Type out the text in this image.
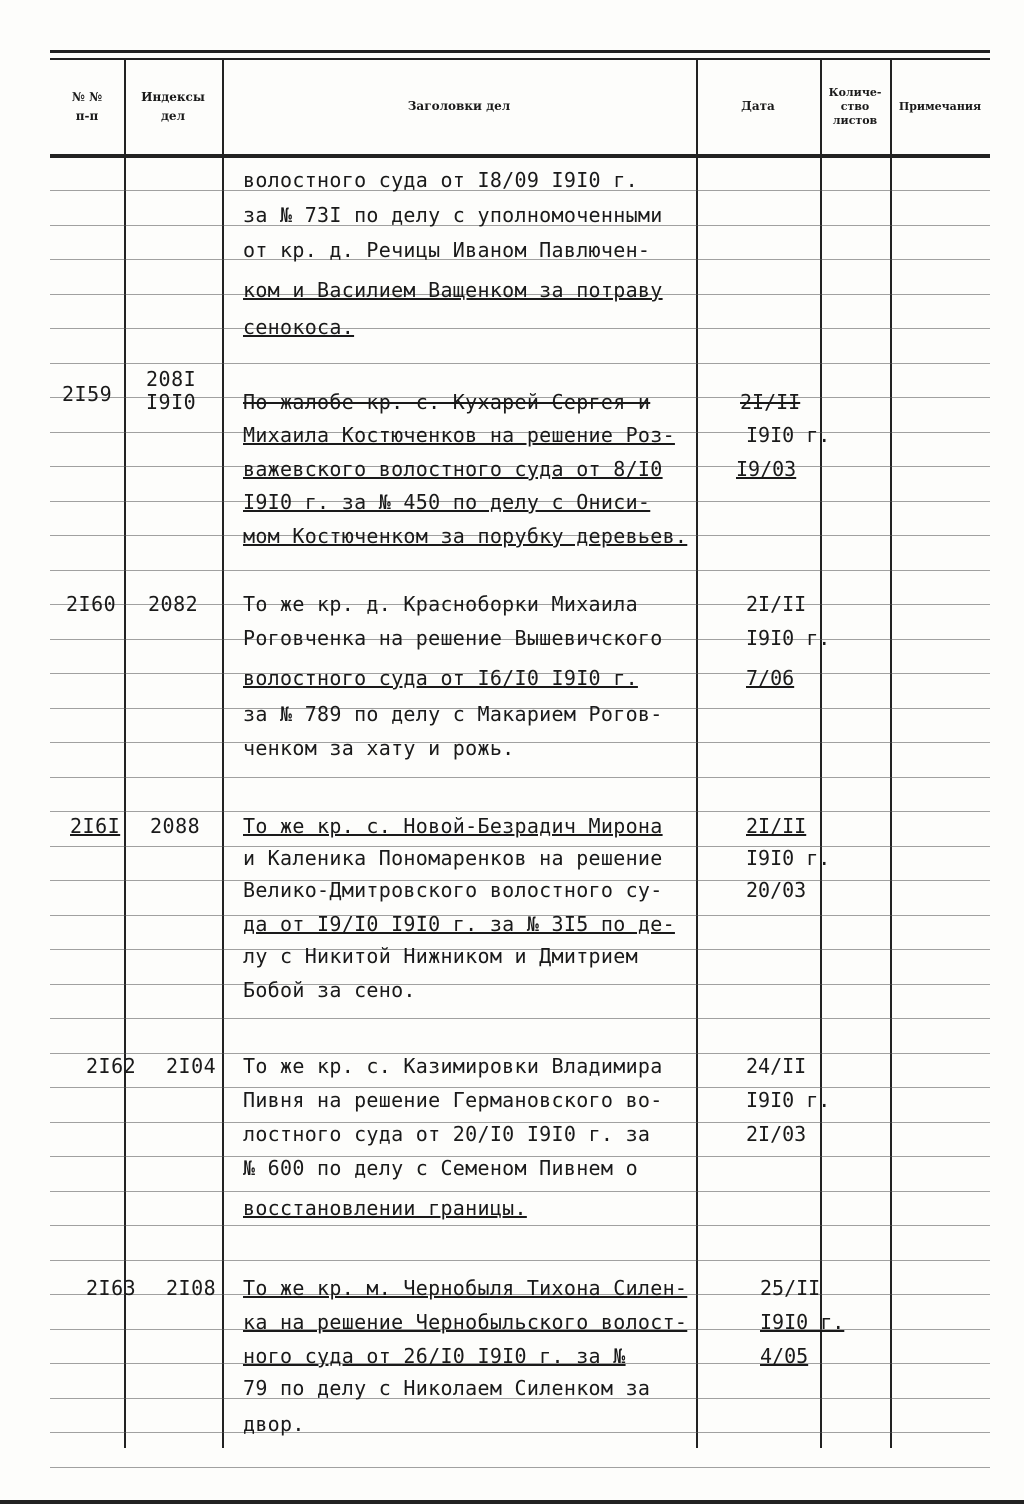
№ №
п-п
Индексы
дел
Заголовки дел	Дата
Количе-
ство
листов
Примечания
волостного суда от I8/09 I9I0 г.
за № 73I по делу с уполномоченными
от кр. д. Речицы Иваном Павлючен-
ком и Василием Ващенком за потраву
сенокоса.
2I59
208I
I9I0 По жалобе кр. с. Кухарей Сергея и
Михаила Костюченков на решение Роз-
важевского волостного суда от 8/I0
I9I0 г. за № 450 по делу с Ониси-
мом Костюченком за порубку деревьев.
2I/II
I9I0 г.
I9/03
2I60 2082 То же кр. д. Красноборки Михаила
Роговченка на решение Вышевичского
волостного суда от I6/I0 I9I0 г.
за № 789 по делу с Макарием Рогов-
ченком за хату и рожь.
2I/II
I9I0 г.
7/06
2I6I 2088 То же кр. с. Новой-Безрадич Мирона
и Каленика Пономаренков на решение
Велико-Дмитровского волостного су-
да от I9/I0 I9I0 г. за № 3I5 по де-
лу с Никитой Нижником и Дмитрием
Бобой за сено.
2I/II
I9I0 г.
20/03
2I62 2I04 То же кр. с. Казимировки Владимира
Пивня на решение Германовского во-
лостного суда от 20/I0 I9I0 г. за
№ 600 по делу с Семеном Пивнем о
восстановлении границы.
24/II
I9I0 г.
2I/03
2I63 2I08 То же кр. м. Чернобыля Тихона Силен-
ка на решение Чернобыльского волост-
ного суда от 26/I0 I9I0 г. за №
79 по делу с Николаем Силенком за
двор.
25/II
I9I0 г.
4/05
